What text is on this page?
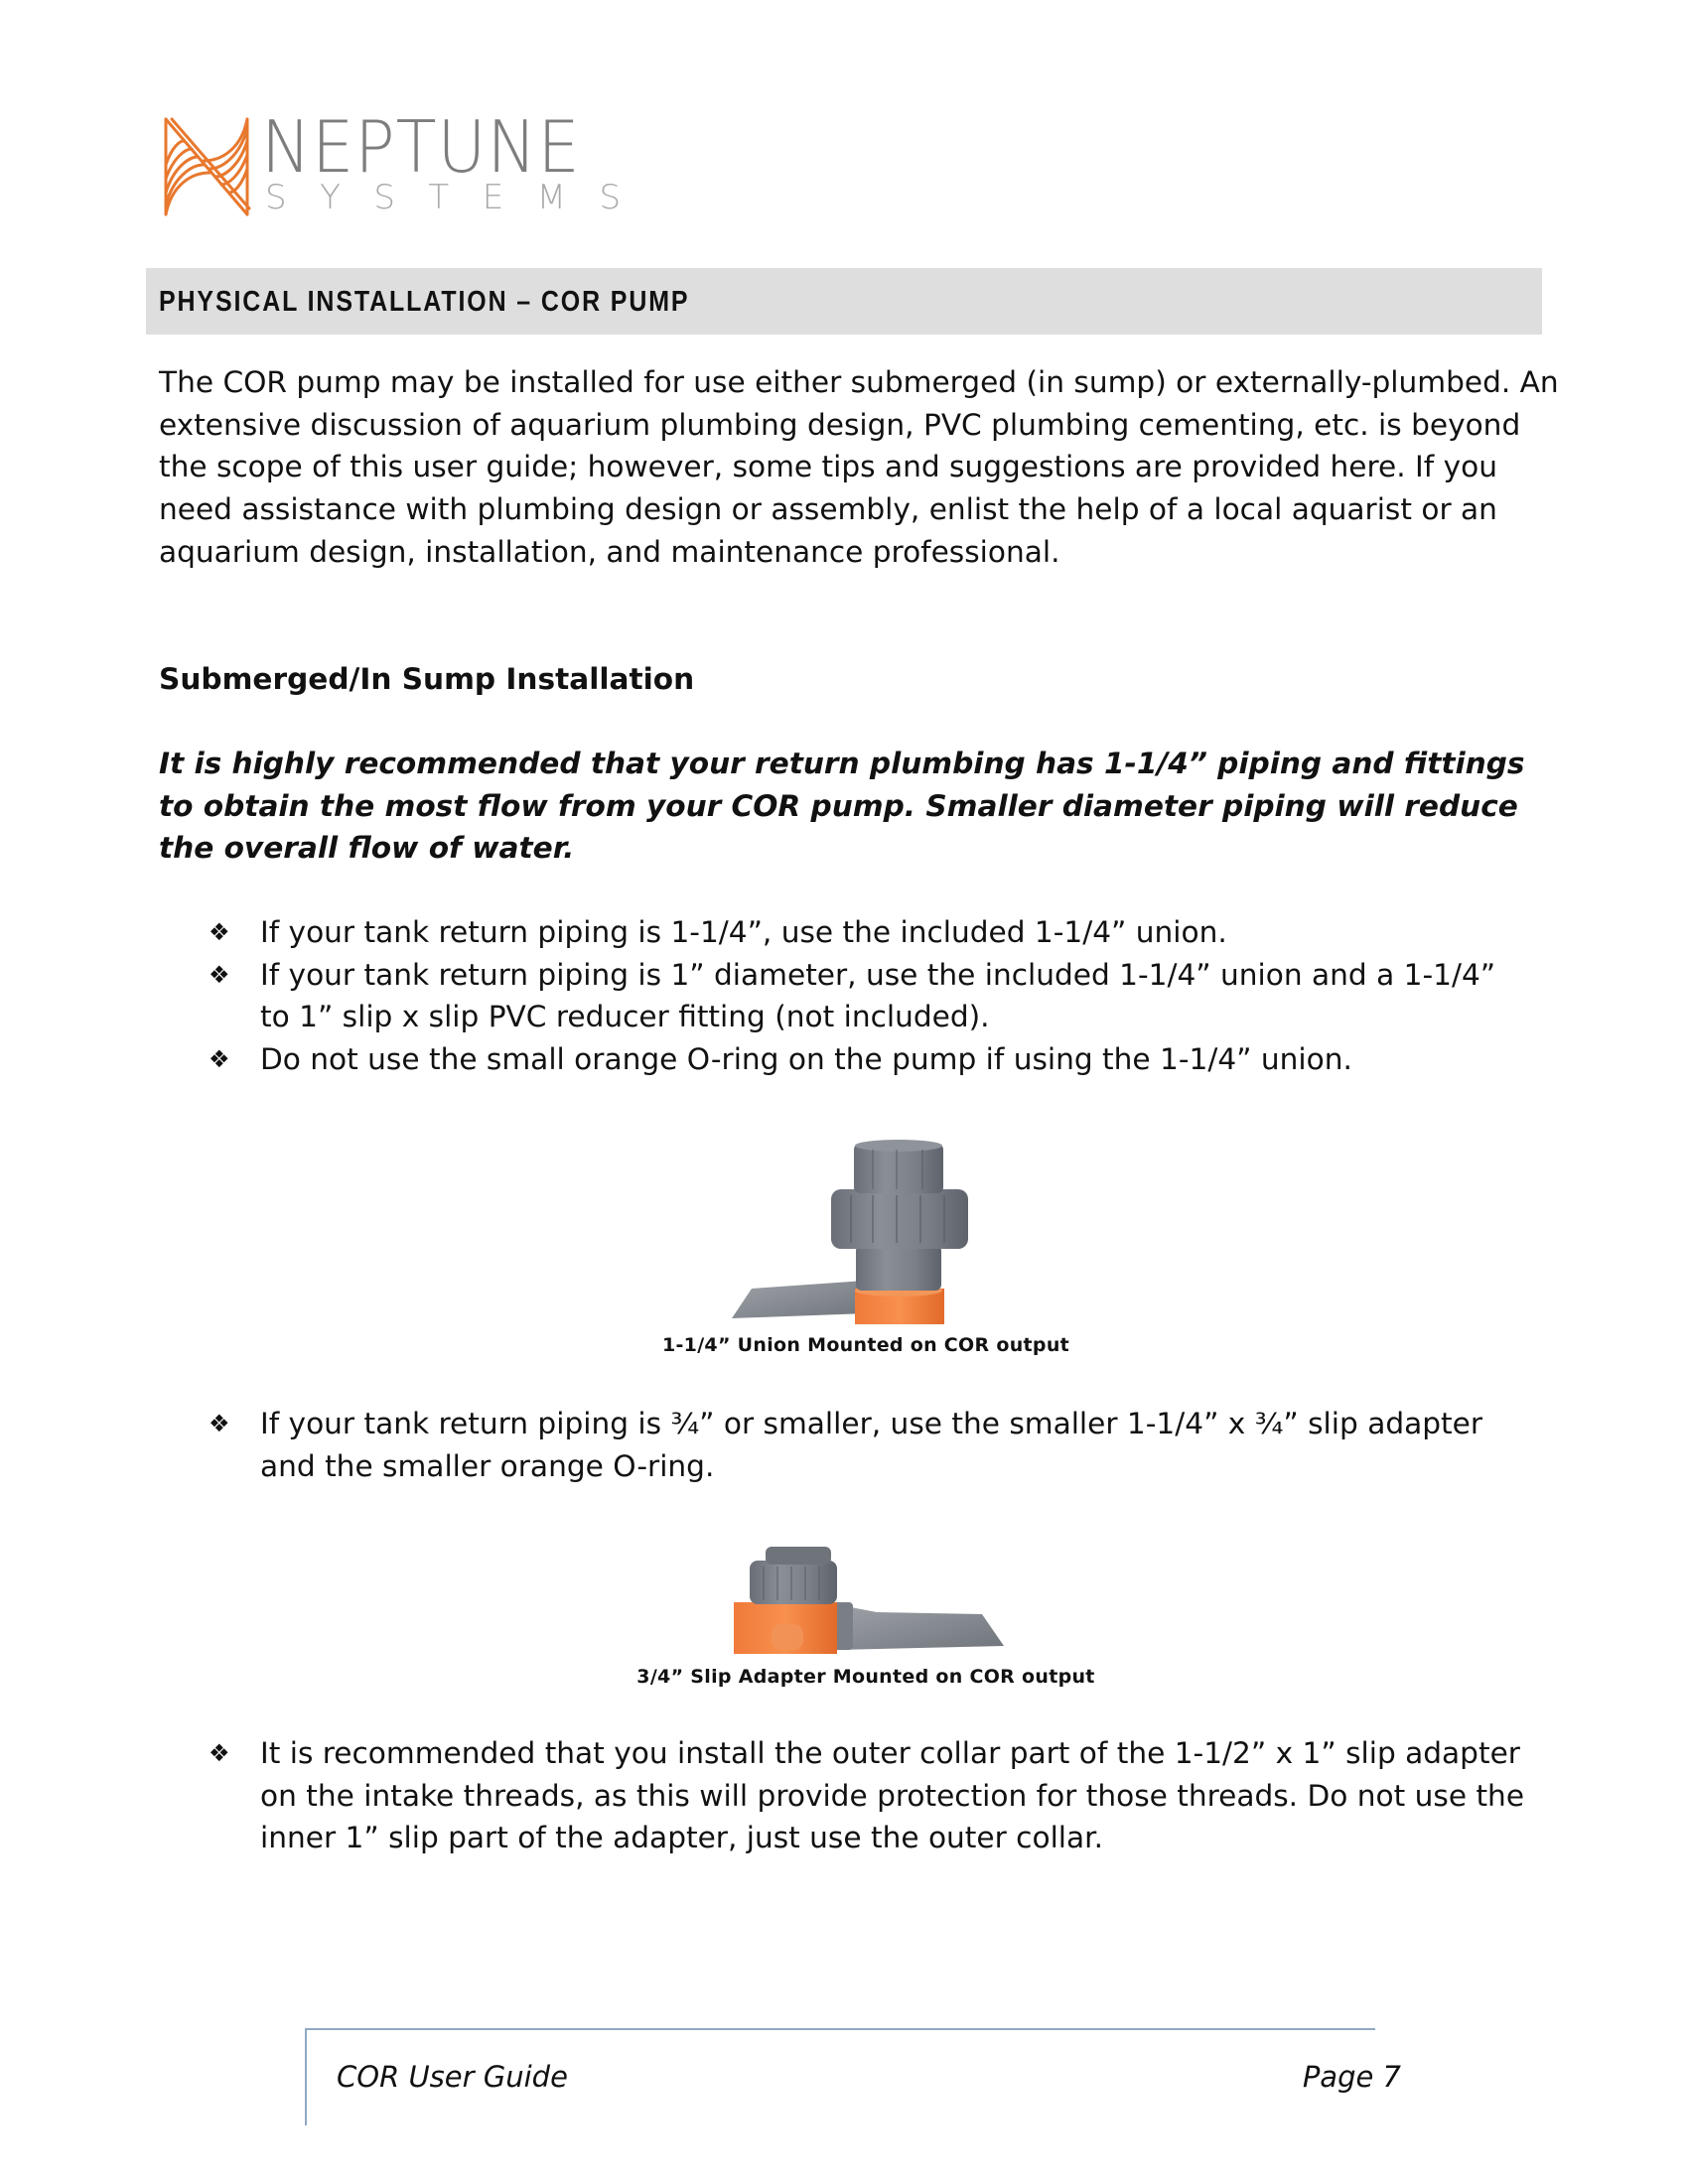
NEPTUNE
SYSTEMS
PHYSICAL INSTALLATION – COR PUMP

The COR pump may be installed for use either submerged (in sump) or externally-plumbed. An extensive discussion of aquarium plumbing design, PVC plumbing cementing, etc. is beyond the scope of this user guide; however, some tips and suggestions are provided here. If you need assistance with plumbing design or assembly, enlist the help of a local aquarist or an aquarium design, installation, and maintenance professional.

Submerged/In Sump Installation

It is highly recommended that your return plumbing has 1-1/4” piping and fittings to obtain the most flow from your COR pump. Smaller diameter piping will reduce the overall flow of water.

❖ If your tank return piping is 1-1/4”, use the included 1-1/4” union.
❖ If your tank return piping is 1” diameter, use the included 1-1/4” union and a 1-1/4” to 1” slip x slip PVC reducer fitting (not included).
❖ Do not use the small orange O-ring on the pump if using the 1-1/4” union.
1-1/4” Union Mounted on COR output
❖ If your tank return piping is ¾” or smaller, use the smaller 1-1/4” x ¾” slip adapter and the smaller orange O-ring.
3/4” Slip Adapter Mounted on COR output
❖ It is recommended that you install the outer collar part of the 1-1/2” x 1” slip adapter on the intake threads, as this will provide protection for those threads. Do not use the inner 1” slip part of the adapter, just use the outer collar.
COR User Guide	Page 7
